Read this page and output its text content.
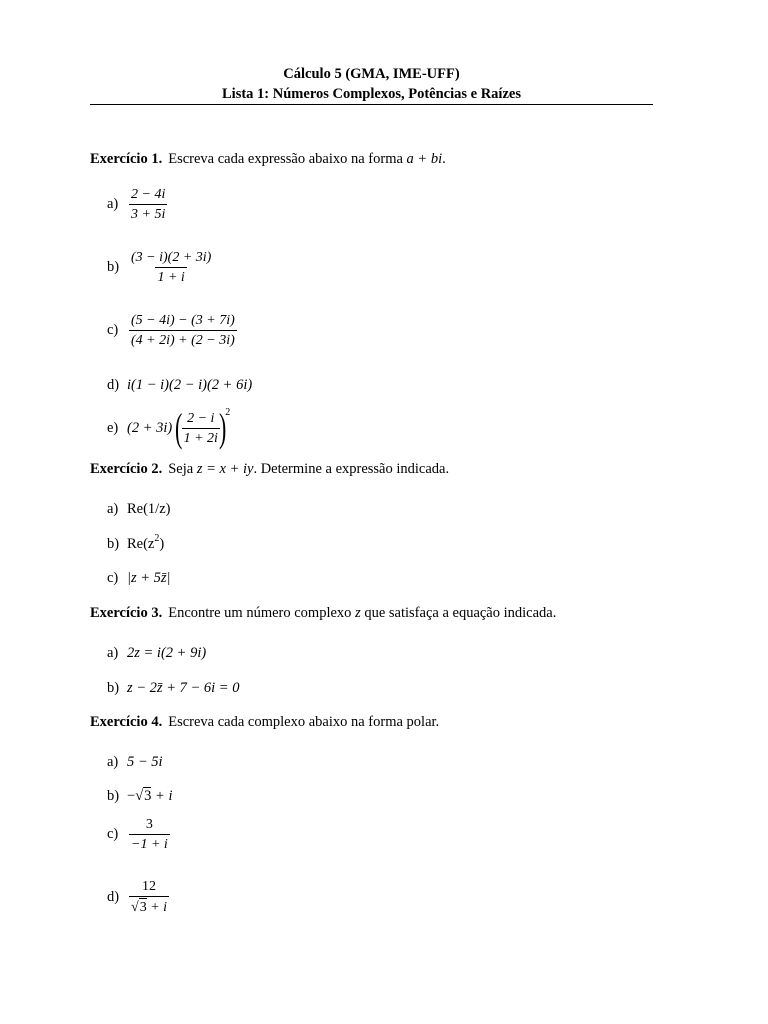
Cálculo 5 (GMA, IME-UFF)
Lista 1: Números Complexos, Potências e Raízes
Exercício 1. Escreva cada expressão abaixo na forma a + bi.
$a) \frac{2 - 4i}{3 + 5i}$
$b) \frac{(3 - i)(2 + 3i)}{1 + i}$
$c) \frac{(5 - 4i) - (3 + 7i)}{(4 + 2i) + (2 - 3i)}$
d) i(1 − i)(2 − i)(2 + 6i)
e) (2 + 3i) (
$\frac{2 - i}{1 + 2i}$
)
2
Exercício 2. Seja z = x + iy. Determine a expressão indicada.
a) Re(1/z)
b) Re(z 2 )
c) |z + 5z̄|
Exercício 3. Encontre um número complexo z que satisfaça a equação indicada.
a) 2z = i(2 + 9i)
b) z − 2z̄ + 7 − 6i = 0
Exercício 4. Escreva cada complexo abaixo na forma polar.
a) 5 − 5i
b) − √ 3 + i
$c) \frac{3}{-1 + i}$
$d) \frac{12}{√ 3 + i}$
